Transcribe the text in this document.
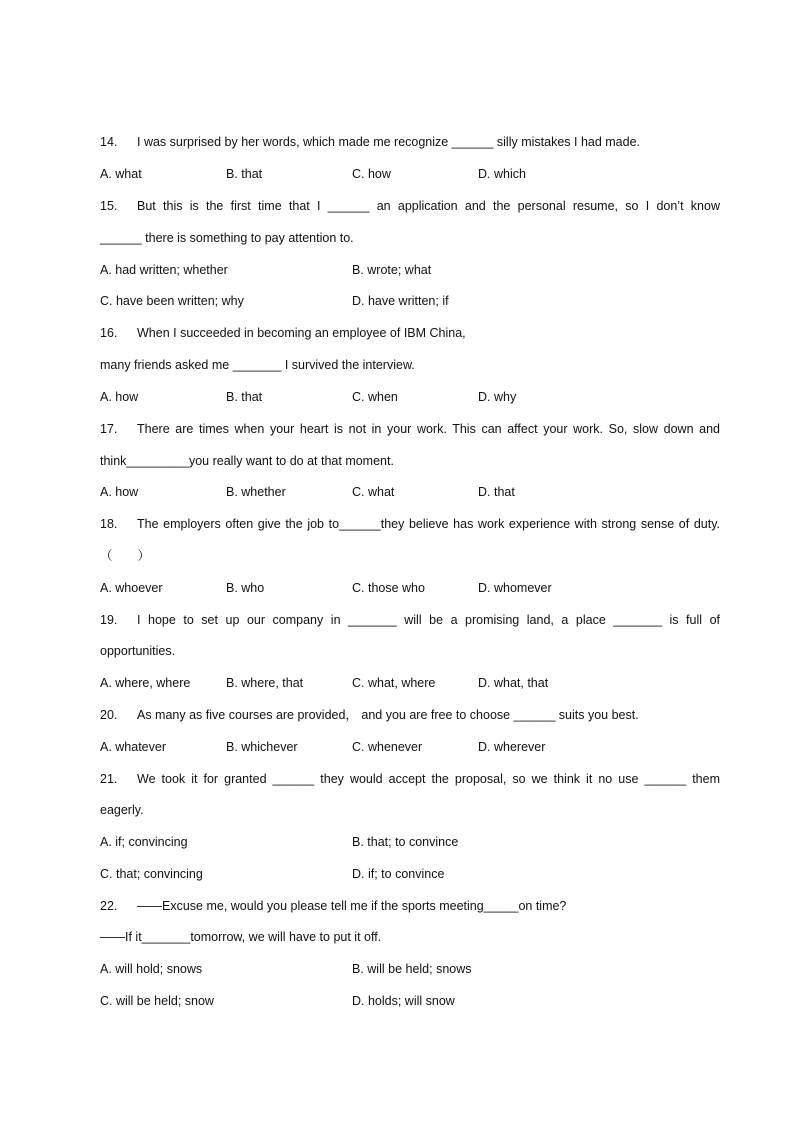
14. I was surprised by her words, which made me recognize ______ silly mistakes I had made.
A. what	B. that	C. how	D. which
15. But this is the first time that I ______ an application and the personal resume, so I don’t know
______ there is something to pay attention to.
A. had written; whether	B. wrote; what
C. have been written; why	D. have written; if
16. When I succeeded in becoming an employee of IBM China,
many friends asked me _______ I survived the interview.
A. how	B. that	C. when	D. why
17. There are times when your heart is not in your work. This can affect your work. So, slow down and
think_________you really want to do at that moment.
A. how	B. whether	C. what	D. that
18. The employers often give the job to______they believe has work experience with strong sense of duty.
（　　）
A. whoever	B. who	C. those who	D. whomever
19. I hope to set up our company in _______ will be a promising land, a place _______ is full of
opportunities.
A. where, where	B. where, that	C. what, where	D. what, that
20. As many as five courses are provided， and you are free to choose ______ suits you best.
A. whatever	B. whichever	C. whenever	D. wherever
21. We took it for granted ______ they would accept the proposal, so we think it no use ______ them
eagerly.
A. if; convincing	B. that; to convince
C. that; convincing	D. if; to convince
22. ——Excuse me, would you please tell me if the sports meeting_____on time?
——If it_______tomorrow, we will have to put it off.
A. will hold; snows	B. will be held; snows
C. will be held; snow	D. holds; will snow
